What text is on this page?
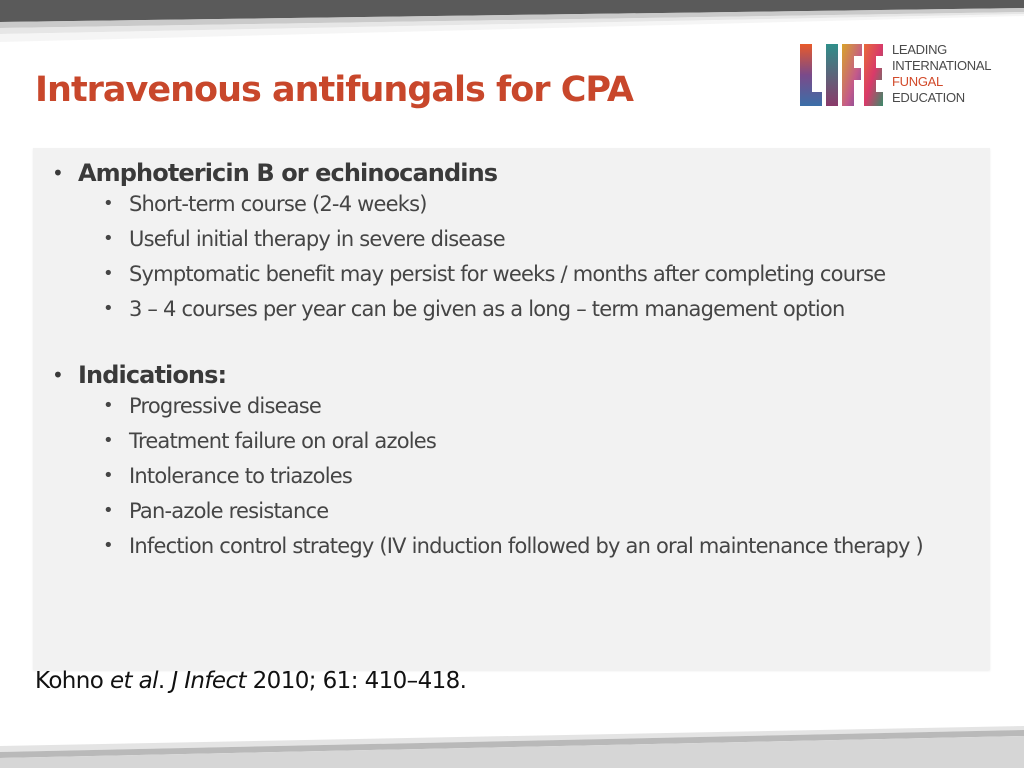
Intravenous antifungals for CPA
LEADING
INTERNATIONAL
FUNGAL
EDUCATION
• Amphotericin B or echinocandins
• Short-term course (2-4 weeks)
• Useful initial therapy in severe disease
• Symptomatic benefit may persist for weeks / months after completing course
• 3 – 4 courses per year can be given as a long – term management option
• Indications:
• Progressive disease
• Treatment failure on oral azoles
• Intolerance to triazoles
• Pan-azole resistance
• Infection control strategy (IV induction followed by an oral maintenance therapy )

Kohno et al. J Infect 2010; 61: 410–418.
